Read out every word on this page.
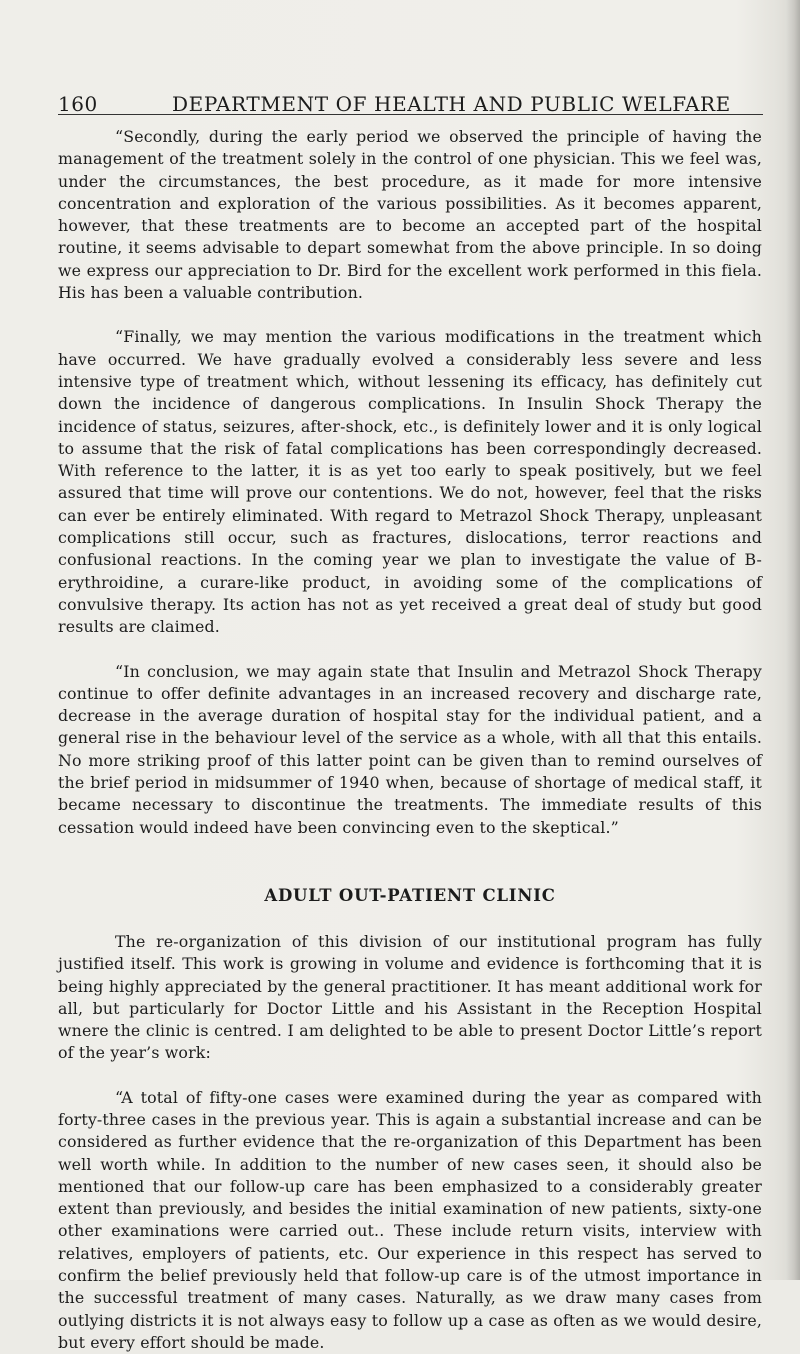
160	DEPARTMENT OF HEALTH AND PUBLIC WELFARE

“Secondly, during the early period we observed the principle of having the management of the treatment solely in the control of one physician. This we feel was, under the circumstances, the best procedure, as it made for more intensive concentration and exploration of the various possibilities. As it becomes apparent, however, that these treatments are to become an accepted part of the hospital routine, it seems advisable to depart somewhat from the above principle. In so doing we express our appreciation to Dr. Bird for the excellent work performed in this fiela. His has been a valuable contribution.

“Finally, we may mention the various modifications in the treatment which have occurred. We have gradually evolved a considerably less severe and less intensive type of treatment which, without lessening its efficacy, has definitely cut down the incidence of dangerous complications. In Insulin Shock Therapy the incidence of status, seizures, after-shock, etc., is definitely lower and it is only logical to assume that the risk of fatal complications has been correspondingly decreased. With reference to the latter, it is as yet too early to speak positively, but we feel assured that time will prove our contentions. We do not, however, feel that the risks can ever be entirely eliminated. With regard to Metrazol Shock Therapy, unpleasant complications still occur, such as fractures, dislocations, terror reactions and confusional reactions. In the coming year we plan to investigate the value of B-erythroidine, a curare-like product, in avoiding some of the complications of convulsive therapy. Its action has not as yet received a great deal of study but good results are claimed.

“In conclusion, we may again state that Insulin and Metrazol Shock Therapy continue to offer definite advantages in an increased recovery and discharge rate, decrease in the average duration of hospital stay for the individual patient, and a general rise in the behaviour level of the service as a whole, with all that this entails. No more striking proof of this latter point can be given than to remind ourselves of the brief period in midsummer of 1940 when, because of shortage of medical staff, it became necessary to discontinue the treatments. The immediate results of this cessation would indeed have been convincing even to the skeptical.”

ADULT OUT-PATIENT CLINIC

The re-organization of this division of our institutional program has fully justified itself. This work is growing in volume and evidence is forthcoming that it is being highly appreciated by the general practitioner. It has meant additional work for all, but particularly for Doctor Little and his Assistant in the Reception Hospital wnere the clinic is centred. I am delighted to be able to present Doctor Little’s report of the year’s work:

“A total of fifty-one cases were examined during the year as compared with forty-three cases in the previous year. This is again a substantial increase and can be considered as further evidence that the re-organization of this Department has been well worth while. In addition to the number of new cases seen, it should also be mentioned that our follow-up care has been emphasized to a considerably greater extent than previously, and besides the initial examination of new patients, sixty-one other examinations were carried out.. These include return visits, interview with relatives, employers of patients, etc. Our experience in this respect has served to confirm the belief previously held that follow-up care is of the utmost importance in the successful treatment of many cases. Naturally, as we draw many cases from outlying districts it is not always easy to follow up a case as often as we would desire, but every effort should be made.
